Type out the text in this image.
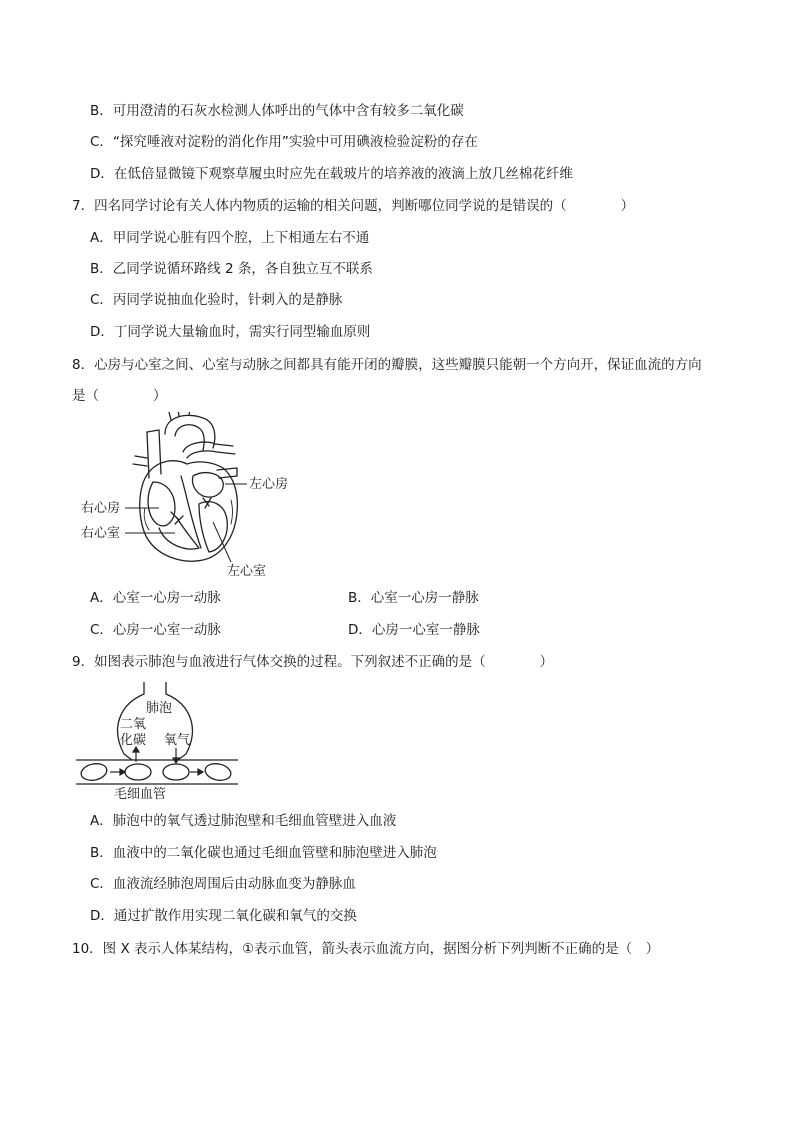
B．可用澄清的石灰水检测人体呼出的气体中含有较多二氧化碳
C．“探究唾液对淀粉的消化作用”实验中可用碘液检验淀粉的存在
D．在低倍显微镜下观察草履虫时应先在载玻片的培养液的液滴上放几丝棉花纤维
7．四名同学讨论有关人体内物质的运输的相关问题，判断哪位同学说的是错误的（　　　　）
A．甲同学说心脏有四个腔，上下相通左右不通
B．乙同学说循环路线 2 条，各自独立互不联系
C．丙同学说抽血化验时，针刺入的是静脉
D．丁同学说大量输血时，需实行同型输血原则
8．心房与心室之间、心室与动脉之间都具有能开闭的瓣膜，这些瓣膜只能朝一个方向开，保证血流的方向
是（　　　　）
右心房
右心室
左心房
左心室
A．心室一心房一动脉	B．心室一心房一静脉
C．心房一心室一动脉	D．心房一心室一静脉
9．如图表示肺泡与血液进行气体交换的过程。下列叙述不正确的是（　　　　）
肺泡
二氧
化碳 氧气
毛细血管
A．肺泡中的氧气透过肺泡壁和毛细血管壁进入血液
B．血液中的二氧化碳也通过毛细血管壁和肺泡壁进入肺泡
C．血液流经肺泡周围后由动脉血变为静脉血
D．通过扩散作用实现二氧化碳和氧气的交换
10．图 X 表示人体某结构，①表示血管，箭头表示血流方向，据图分析下列判断不正确的是（　）
